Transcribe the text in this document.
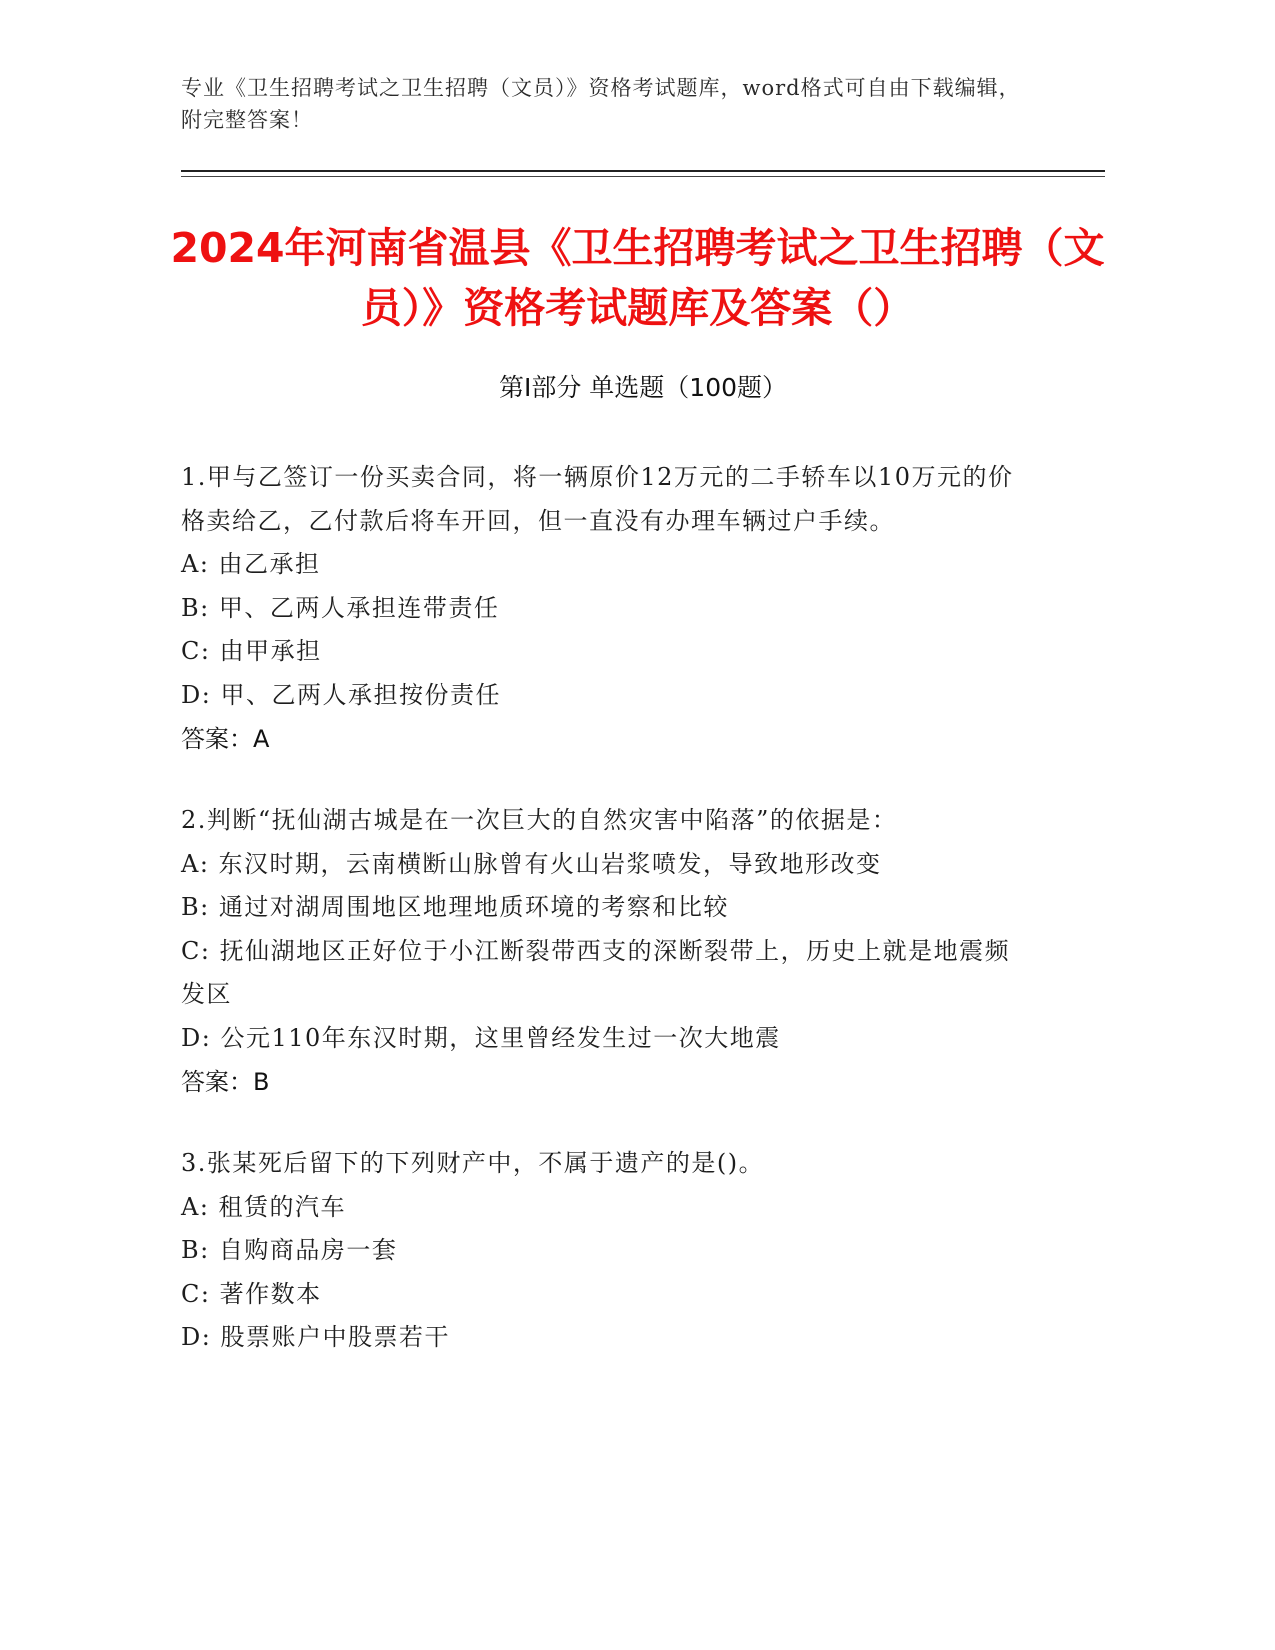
专业《卫生招聘考试之卫生招聘（文员）》资格考试题库，word格式可自由下载编辑，附完整答案！
2024年河南省温县《卫生招聘考试之卫生招聘（文员）》资格考试题库及答案（）
第Ⅰ部分 单选题（100题）
1.甲与乙签订一份买卖合同，将一辆原价12万元的二手轿车以10万元的价格卖给乙，乙付款后将车开回，但一直没有办理车辆过户手续。
A: 由乙承担
B: 甲、乙两人承担连带责任
C: 由甲承担
D: 甲、乙两人承担按份责任
答案：A
2.判断“抚仙湖古城是在一次巨大的自然灾害中陷落”的依据是：
A: 东汉时期，云南横断山脉曾有火山岩浆喷发，导致地形改变
B: 通过对湖周围地区地理地质环境的考察和比较
C: 抚仙湖地区正好位于小江断裂带西支的深断裂带上，历史上就是地震频发区
D: 公元110年东汉时期，这里曾经发生过一次大地震
答案：B
3.张某死后留下的下列财产中，不属于遗产的是()。
A: 租赁的汽车
B: 自购商品房一套
C: 著作数本
D: 股票账户中股票若干
